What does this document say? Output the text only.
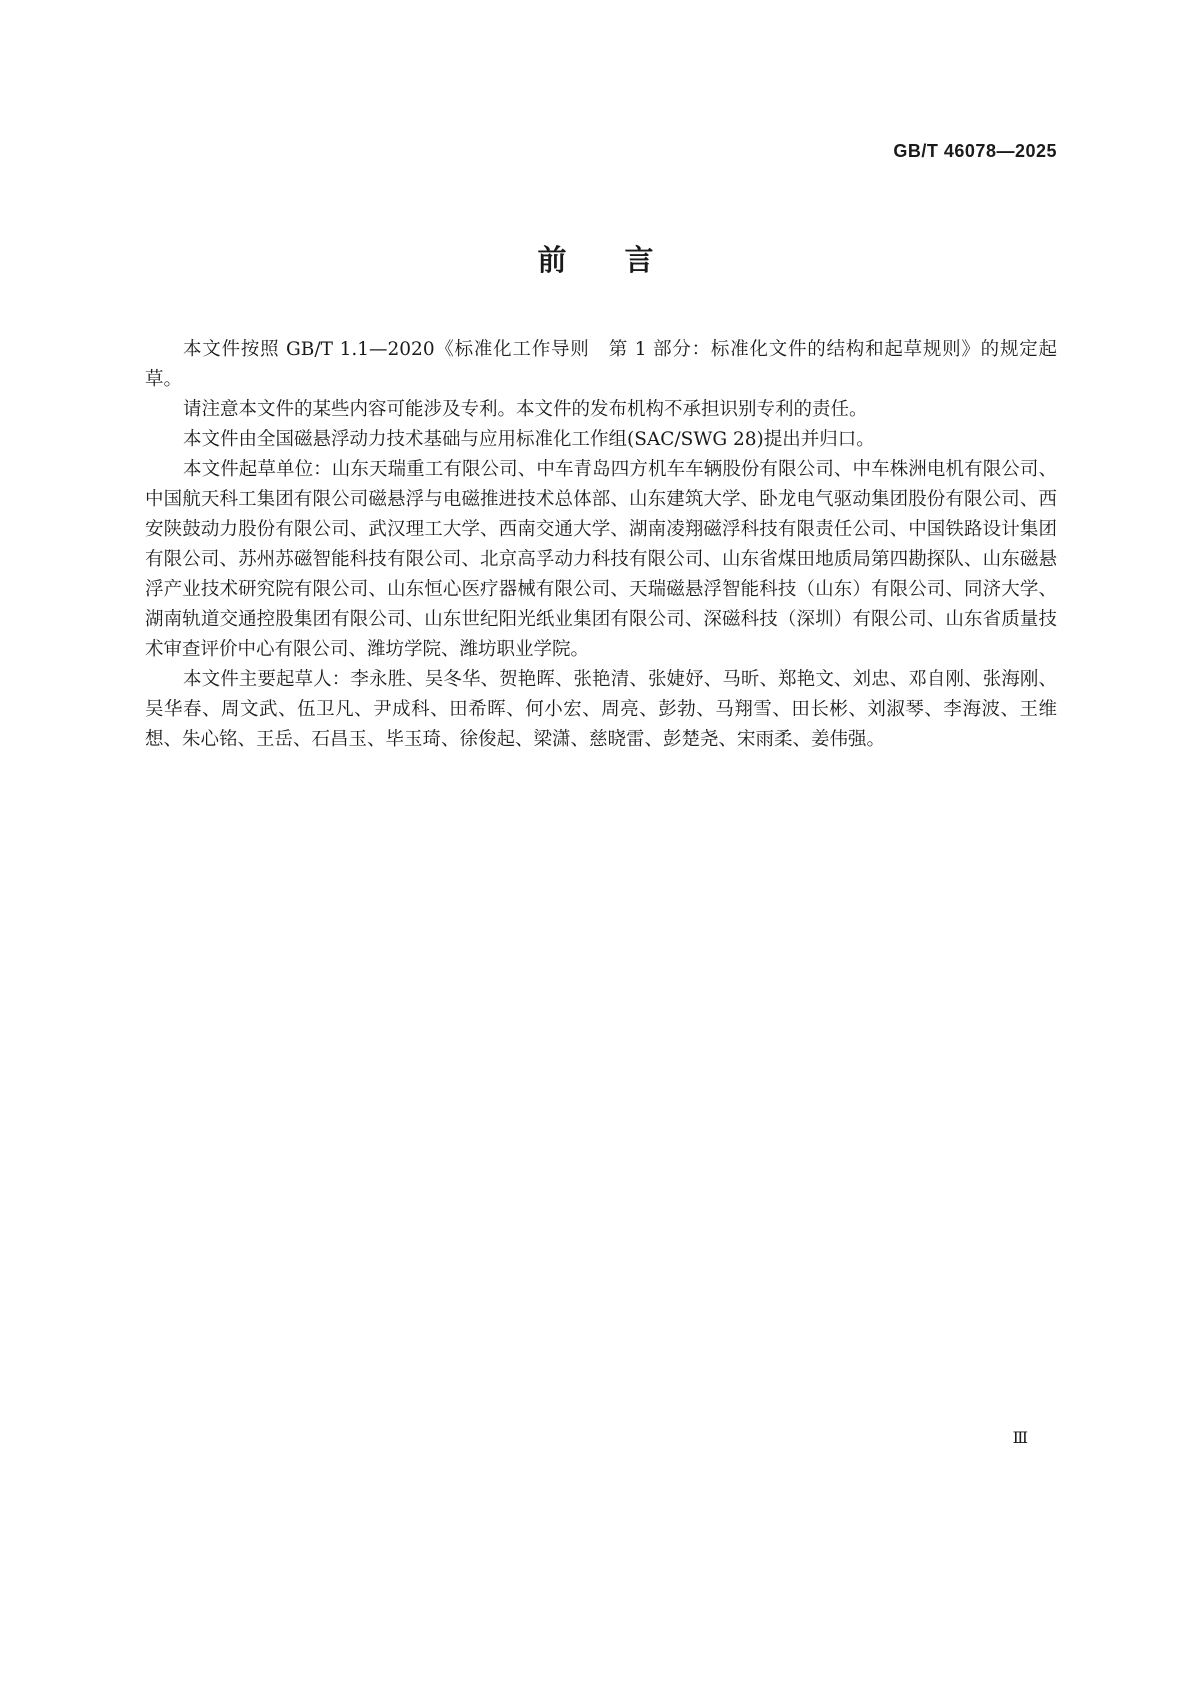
GB/T 46078—2025
前言

本文件按照 GB/T 1.1—2020《标准化工作导则　第 1 部分：标准化文件的结构和起草规则》的规定起草。

请注意本文件的某些内容可能涉及专利。本文件的发布机构不承担识别专利的责任。

本文件由全国磁悬浮动力技术基础与应用标准化工作组(SAC/SWG 28)提出并归口。

本文件起草单位：山东天瑞重工有限公司、中车青岛四方机车车辆股份有限公司、中车株洲电机有限公司、中国航天科工集团有限公司磁悬浮与电磁推进技术总体部、山东建筑大学、卧龙电气驱动集团股份有限公司、西安陕鼓动力股份有限公司、武汉理工大学、西南交通大学、湖南凌翔磁浮科技有限责任公司、中国铁路设计集团有限公司、苏州苏磁智能科技有限公司、北京高孚动力科技有限公司、山东省煤田地质局第四勘探队、山东磁悬浮产业技术研究院有限公司、山东恒心医疗器械有限公司、天瑞磁悬浮智能科技（山东）有限公司、同济大学、湖南轨道交通控股集团有限公司、山东世纪阳光纸业集团有限公司、深磁科技（深圳）有限公司、山东省质量技术审查评价中心有限公司、潍坊学院、潍坊职业学院。

本文件主要起草人：李永胜、吴冬华、贺艳晖、张艳清、张婕妤、马昕、郑艳文、刘忠、邓自刚、张海刚、吴华春、周文武、伍卫凡、尹成科、田希晖、何小宏、周亮、彭勃、马翔雪、田长彬、刘淑琴、李海波、王维想、朱心铭、王岳、石昌玉、毕玉琦、徐俊起、梁潇、慈晓雷、彭楚尧、宋雨柔、姜伟强。

Ⅲ
